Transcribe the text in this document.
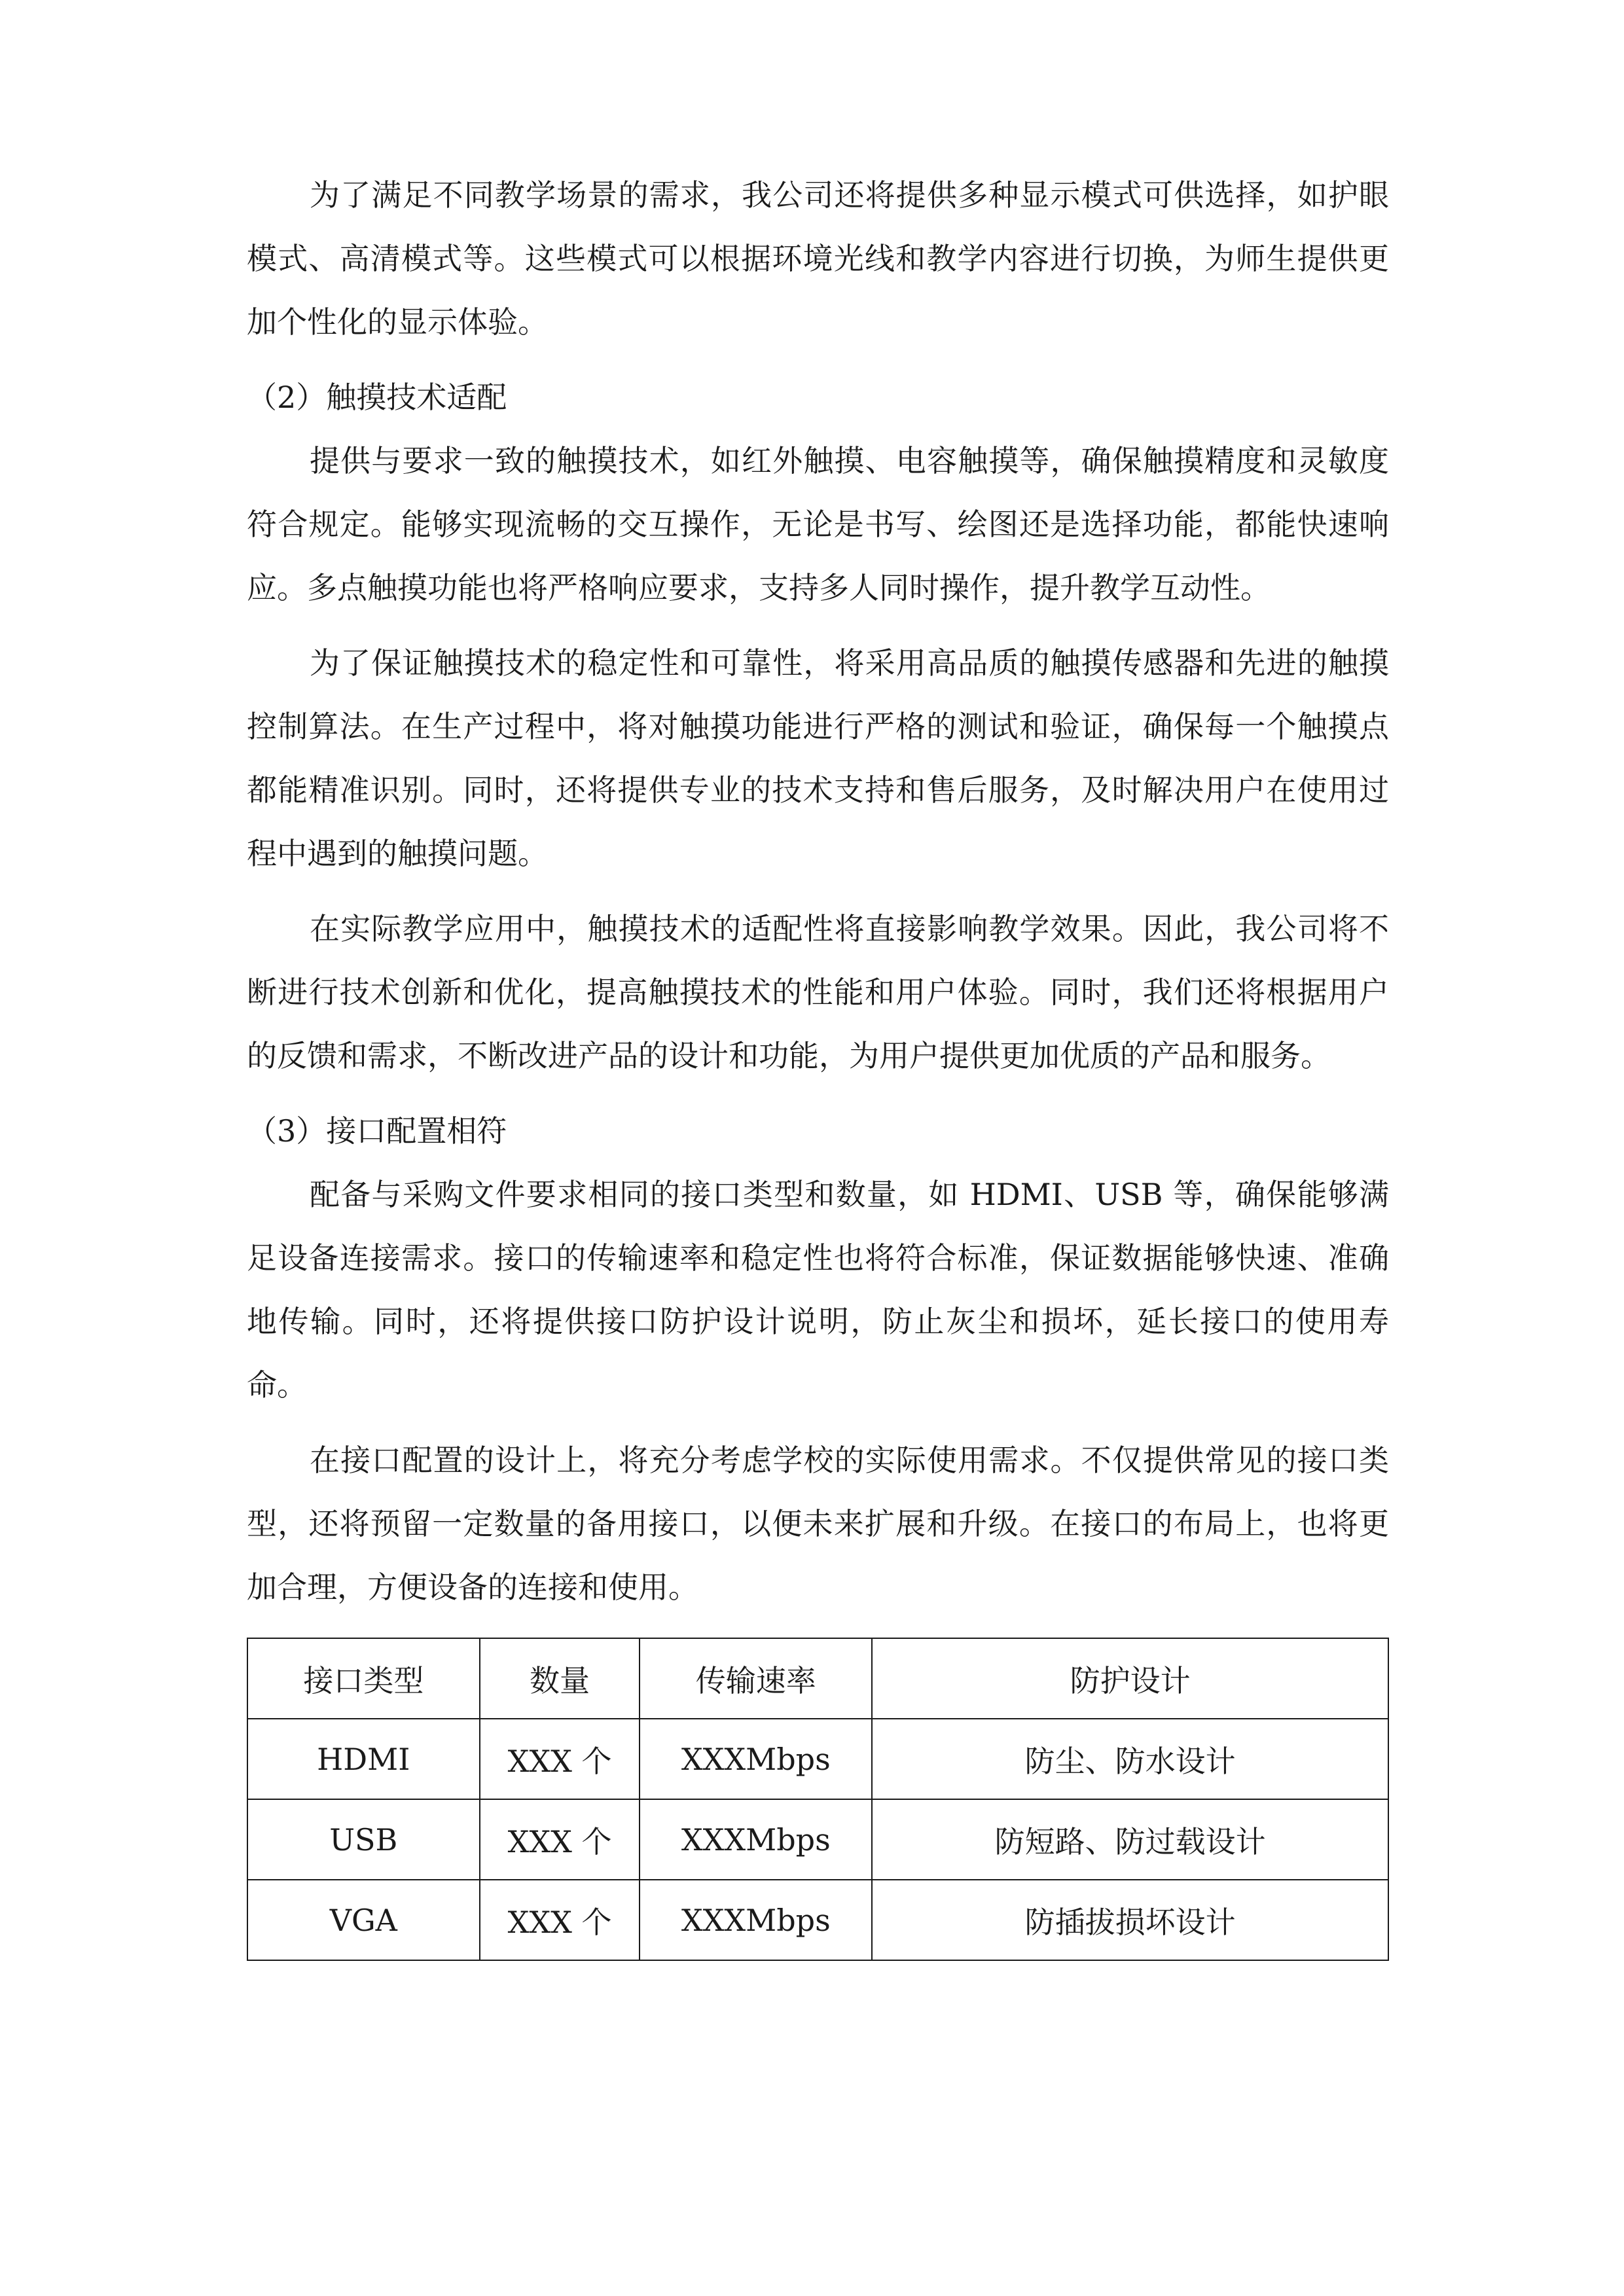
为了满足不同教学场景的需求，我公司还将提供多种显示模式可供选择，如护眼模式、高清模式等。这些模式可以根据环境光线和教学内容进行切换，为师生提供更加个性化的显示体验。

（2）触摸技术适配

提供与要求一致的触摸技术，如红外触摸、电容触摸等，确保触摸精度和灵敏度符合规定。能够实现流畅的交互操作，无论是书写、绘图还是选择功能，都能快速响应。多点触摸功能也将严格响应要求，支持多人同时操作，提升教学互动性。

为了保证触摸技术的稳定性和可靠性，将采用高品质的触摸传感器和先进的触摸控制算法。在生产过程中，将对触摸功能进行严格的测试和验证，确保每一个触摸点都能精准识别。同时，还将提供专业的技术支持和售后服务，及时解决用户在使用过程中遇到的触摸问题。

在实际教学应用中，触摸技术的适配性将直接影响教学效果。因此，我公司将不断进行技术创新和优化，提高触摸技术的性能和用户体验。同时，我们还将根据用户的反馈和需求，不断改进产品的设计和功能，为用户提供更加优质的产品和服务。

（3）接口配置相符

配备与采购文件要求相同的接口类型和数量，如 HDMI、USB 等，确保能够满足设备连接需求。接口的传输速率和稳定性也将符合标准，保证数据能够快速、准确地传输。同时，还将提供接口防护设计说明，防止灰尘和损坏，延长接口的使用寿命。

在接口配置的设计上，将充分考虑学校的实际使用需求。不仅提供常见的接口类型，还将预留一定数量的备用接口，以便未来扩展和升级。在接口的布局上，也将更加合理，方便设备的连接和使用。

接口类型	数量	传输速率	防护设计
HDMI	XXX 个	XXXMbps	防尘、防水设计
USB	XXX 个	XXXMbps	防短路、防过载设计
VGA	XXX 个	XXXMbps	防插拔损坏设计
